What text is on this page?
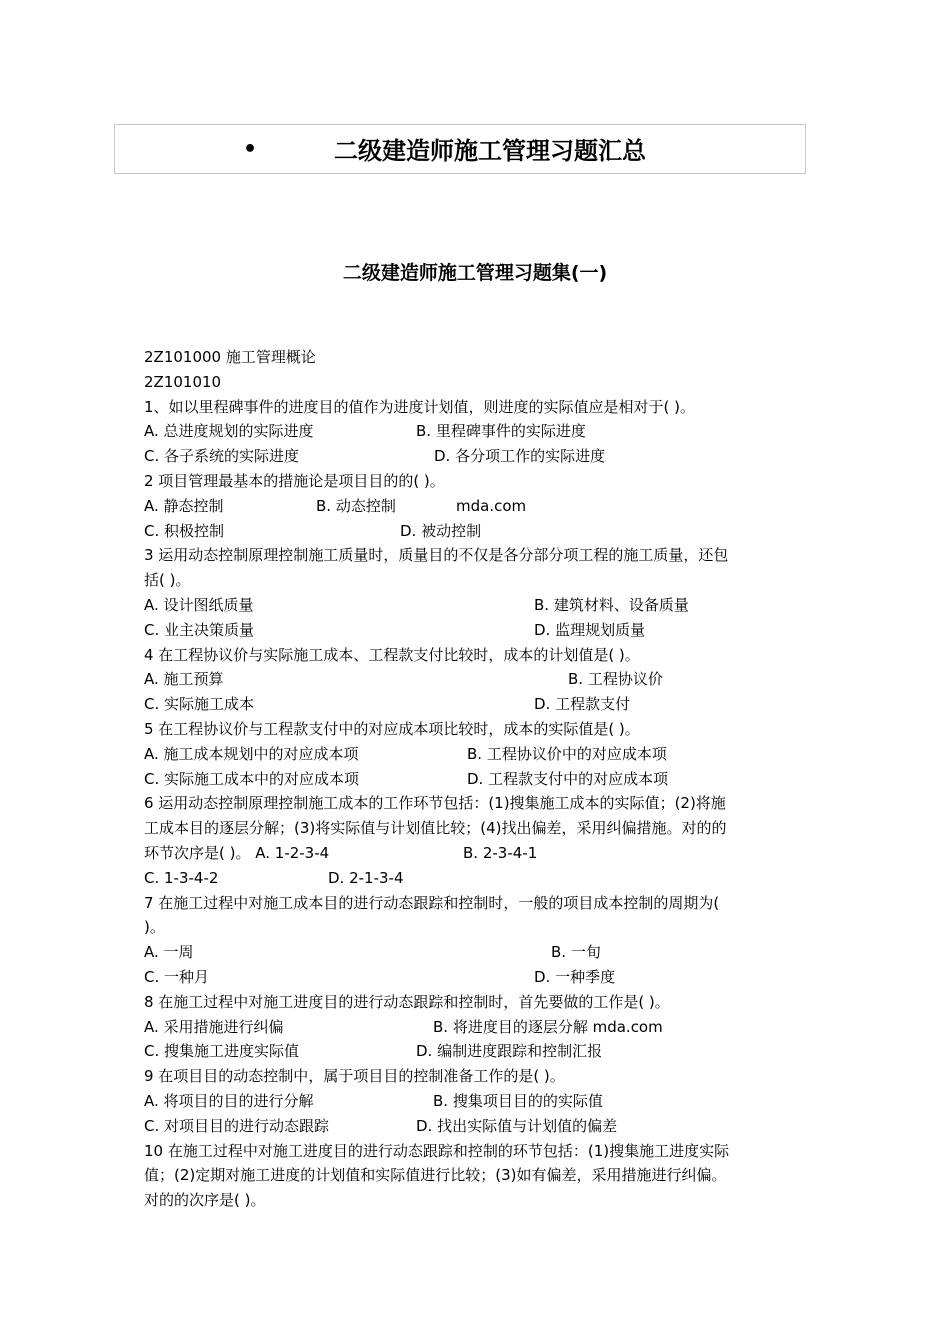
•	二级建造师施工管理习题汇总
二级建造师施工管理习题集(一)
2Z101000 施工管理概论
2Z101010
1、如以里程碑事件的进度目的值作为进度计划值，则进度的实际值应是相对于( )。
A. 总进度规划的实际进度	B. 里程碑事件的实际进度
C. 各子系统的实际进度	D. 各分项工作的实际进度
2 项目管理最基本的措施论是项目目的的( )。
A. 静态控制	B. 动态控制	mda.com
C. 积极控制	D. 被动控制
3 运用动态控制原理控制施工质量时，质量目的不仅是各分部分项工程的施工质量，还包
括( )。
A. 设计图纸质量	B. 建筑材料、设备质量
C. 业主决策质量	D. 监理规划质量
4 在工程协议价与实际施工成本、工程款支付比较时，成本的计划值是( )。
A. 施工预算	B. 工程协议价
C. 实际施工成本	D. 工程款支付
5 在工程协议价与工程款支付中的对应成本项比较时，成本的实际值是( )。
A. 施工成本规划中的对应成本项	B. 工程协议价中的对应成本项
C. 实际施工成本中的对应成本项	D. 工程款支付中的对应成本项
6 运用动态控制原理控制施工成本的工作环节包括：(1)搜集施工成本的实际值；(2)将施
工成本目的逐层分解；(3)将实际值与计划值比较；(4)找出偏差，采用纠偏措施。对的的
环节次序是( )。 A. 1-2-3-4	B. 2-3-4-1
C. 1-3-4-2	D. 2-1-3-4
7 在施工过程中对施工成本目的进行动态跟踪和控制时，一般的项目成本控制的周期为(
)。
A. 一周	B. 一旬
C. 一种月	D. 一种季度
8 在施工过程中对施工进度目的进行动态跟踪和控制时，首先要做的工作是( )。
A. 采用措施进行纠偏	B. 将进度目的逐层分解 mda.com
C. 搜集施工进度实际值	D. 编制进度跟踪和控制汇报
9 在项目目的动态控制中，属于项目目的控制准备工作的是( )。
A. 将项目的目的进行分解	B. 搜集项目目的的实际值
C. 对项目目的进行动态跟踪	D. 找出实际值与计划值的偏差
10 在施工过程中对施工进度目的进行动态跟踪和控制的环节包括：(1)搜集施工进度实际
值；(2)定期对施工进度的计划值和实际值进行比较；(3)如有偏差，采用措施进行纠偏。
对的的次序是( )。
